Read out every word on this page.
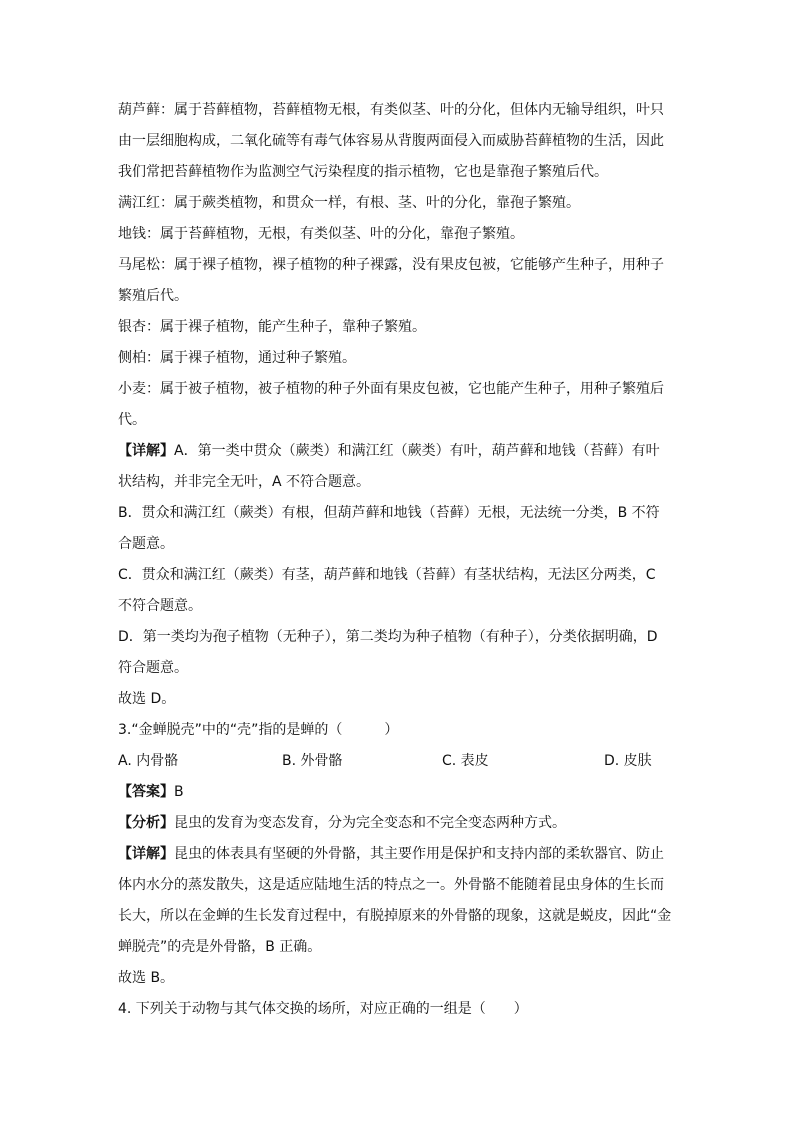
葫芦藓：属于苔藓植物，苔藓植物无根，有类似茎、叶的分化，但体内无输导组织，叶只

由一层细胞构成，二氧化硫等有毒气体容易从背腹两面侵入而威胁苔藓植物的生活，因此

我们常把苔藓植物作为监测空气污染程度的指示植物，它也是靠孢子繁殖后代。

满江红：属于蕨类植物，和贯众一样，有根、茎、叶的分化，靠孢子繁殖。

地钱：属于苔藓植物，无根，有类似茎、叶的分化，靠孢子繁殖。

马尾松：属于裸子植物，裸子植物的种子裸露，没有果皮包被，它能够产生种子，用种子

繁殖后代。

银杏：属于裸子植物，能产生种子，靠种子繁殖。

侧柏：属于裸子植物，通过种子繁殖。

小麦：属于被子植物，被子植物的种子外面有果皮包被，它也能产生种子，用种子繁殖后

代。

【详解】A．第一类中贯众（蕨类）和满江红（蕨类）有叶，葫芦藓和地钱（苔藓）有叶

状结构，并非完全无叶，A 不符合题意。

B．贯众和满江红（蕨类）有根，但葫芦藓和地钱（苔藓）无根，无法统一分类，B 不符

合题意。

C．贯众和满江红（蕨类）有茎，葫芦藓和地钱（苔藓）有茎状结构，无法区分两类，C

不符合题意。

D．第一类均为孢子植物（无种子），第二类均为种子植物（有种子），分类依据明确，D

符合题意。

故选 D。

3.“金蝉脱壳”中的“壳”指的是蝉的（　　　）

A. 内骨骼	B. 外骨骼	C. 表皮	D. 皮肤

【答案】B

【分析】昆虫的发育为变态发育，分为完全变态和不完全变态两种方式。

【详解】昆虫的体表具有坚硬的外骨骼，其主要作用是保护和支持内部的柔软器官、防止

体内水分的蒸发散失，这是适应陆地生活的特点之一。外骨骼不能随着昆虫身体的生长而

长大，所以在金蝉的生长发育过程中，有脱掉原来的外骨骼的现象，这就是蜕皮，因此“金

蝉脱壳”的壳是外骨骼，B 正确。

故选 B。

4. 下列关于动物与其气体交换的场所，对应正确的一组是（　　）
